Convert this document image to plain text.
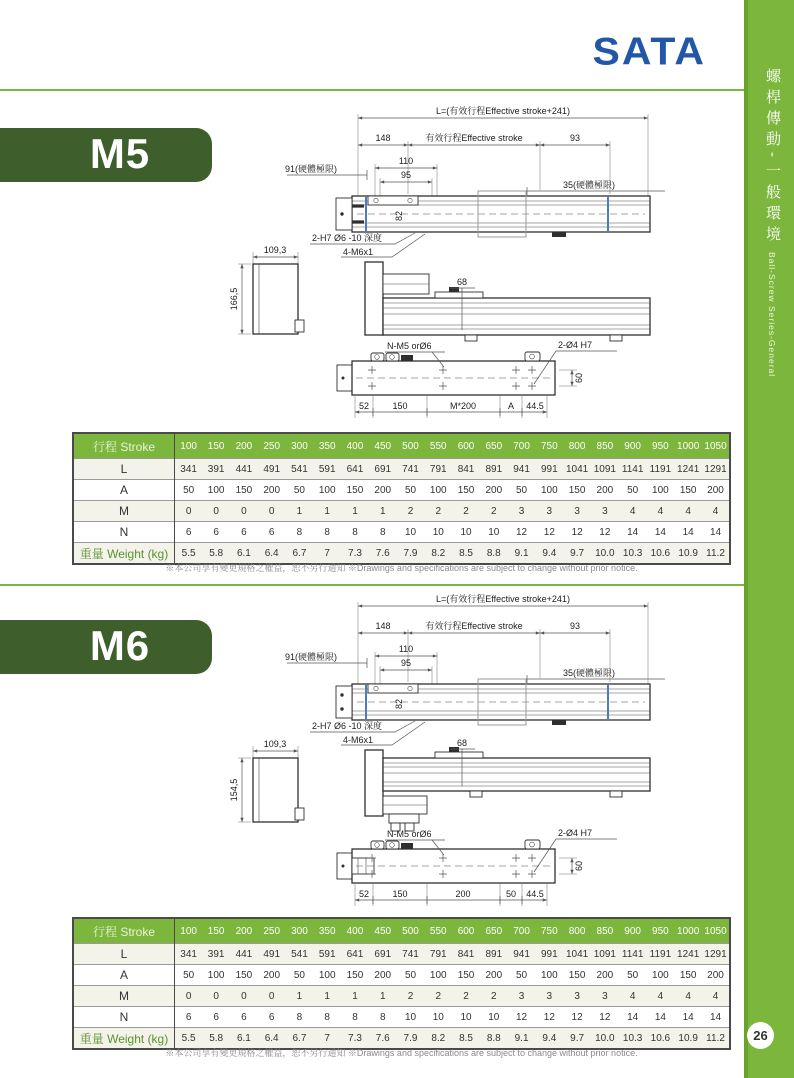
SATA
M5
L=(有效行程Effective stroke+241)
148	有效行程Effective stroke	93
110
95
91(硬體極限)
35(硬體極限)
82
2-H7 Ø6 -10 深度
4-M6x1
109,3
166,5
68
N-M5 orØ6	2-Ø4 H7
60
52	150	M*200	A 44.5
行程 Stroke	100	150	200	250	300	350	400	450	500	550	600	650	700	750	800	850	900	950	1000	1050
L	341	391	441	491	541	591	641	691	741	791	841	891	941	991	1041	1091	1141	1191	1241	1291
A	50	100	150	200	50	100	150	200	50	100	150	200	50	100	150	200	50	100	150	200
M	0	0	0	0	1	1	1	1	2	2	2	2	3	3	3	3	4	4	4	4
N	6	6	6	6	8	8	8	8	10	10	10	10	12	12	12	12	14	14	14	14
重量 Weight (kg)	5.5	5.8	6.1	6.4	6.7	7	7.3	7.6	7.9	8.2	8.5	8.8	9.1	9.4	9.7	10.0	10.3	10.6	10.9	11.2
※本公司享有變更規格之權益，恕不另行通知 ※Drawings and specifications are subject to change without prior notice.
M6
L=(有效行程Effective stroke+241)
148	有效行程Effective stroke	93
110
95
91(硬體極限)
35(硬體極限)
82
2-H7 Ø6 -10 深度
4-M6x1
109,3
154,5
68
N-M5 orØ6	2-Ø4 H7
60
52	150	200	50 44.5
行程 Stroke	100	150	200	250	300	350	400	450	500	550	600	650	700	750	800	850	900	950	1000	1050
L	341	391	441	491	541	591	641	691	741	791	841	891	941	991	1041	1091	1141	1191	1241	1291
A	50	100	150	200	50	100	150	200	50	100	150	200	50	100	150	200	50	100	150	200
M	0	0	0	0	1	1	1	1	2	2	2	2	3	3	3	3	4	4	4	4
N	6	6	6	6	8	8	8	8	10	10	10	10	12	12	12	12	14	14	14	14
重量 Weight (kg)	5.5	5.8	6.1	6.4	6.7	7	7.3	7.6	7.9	8.2	8.5	8.8	9.1	9.4	9.7	10.0	10.3	10.6	10.9	11.2
※本公司享有變更規格之權益，恕不另行通知 ※Drawings and specifications are subject to change without prior notice.
螺桿傳動-一般環境
Ball-Screw Series-General
26
